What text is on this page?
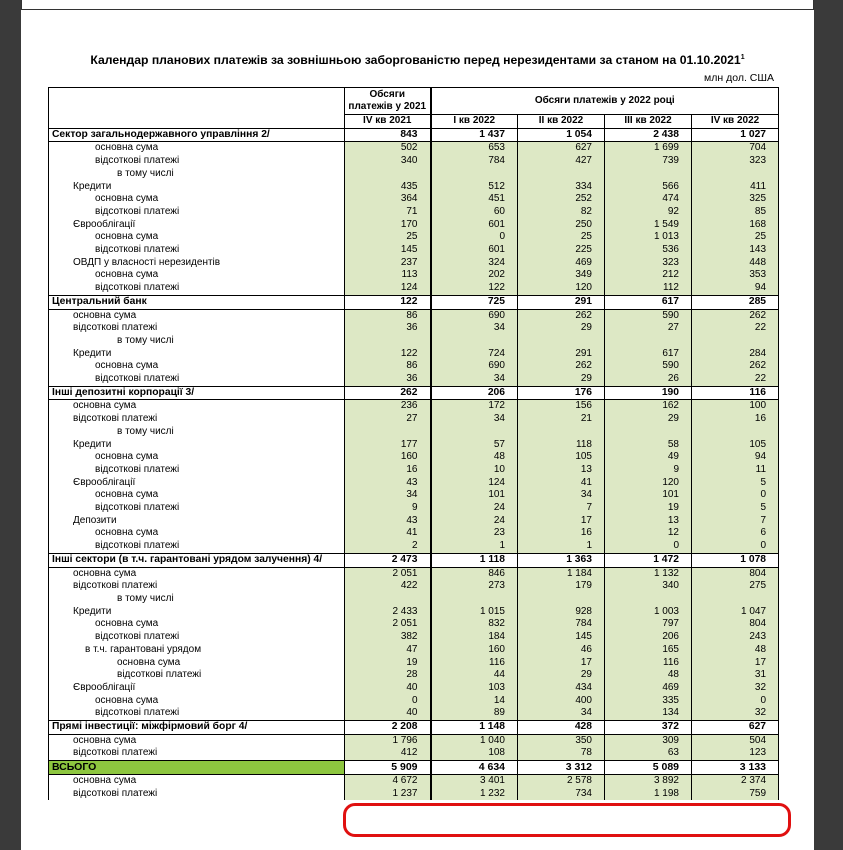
Календар планових платежів за зовнішньою заборгованістю перед нерезидентами за станом на 01.10.2021$^1$
млн дол. США

	Обсяги
платежів у 2021	Обсяги платежів у 2022 році			
	IV кв 2021	I кв 2022	II кв 2022	III кв 2022	IV кв 2022
Сектор загальнодержавного управління 2/	843	1 437	1 054	2 438	1 027
основна сума	502	653	627	1 699	704
відсоткові платежі	340	784	427	739	323
в тому числі					
Кредити	435	512	334	566	411
основна сума	364	451	252	474	325
відсоткові платежі	71	60	82	92	85
Єврооблігації	170	601	250	1 549	168
основна сума	25	0	25	1 013	25
відсоткові платежі	145	601	225	536	143
ОВДП у власності нерезидентів	237	324	469	323	448
основна сума	113	202	349	212	353
відсоткові платежі	124	122	120	112	94
Центральний банк	122	725	291	617	285
основна сума	86	690	262	590	262
відсоткові платежі	36	34	29	27	22
в тому числі					
Кредити	122	724	291	617	284
основна сума	86	690	262	590	262
відсоткові платежі	36	34	29	26	22
Інші депозитні корпорації 3/	262	206	176	190	116
основна сума	236	172	156	162	100
відсоткові платежі	27	34	21	29	16
в тому числі					
Кредити	177	57	118	58	105
основна сума	160	48	105	49	94
відсоткові платежі	16	10	13	9	11
Єврооблігації	43	124	41	120	5
основна сума	34	101	34	101	0
відсоткові платежі	9	24	7	19	5
Депозити	43	24	17	13	7
основна сума	41	23	16	12	6
відсоткові платежі	2	1	1	0	0
Інші сектори (в т.ч. гарантовані урядом залучення) 4/	2 473	1 118	1 363	1 472	1 078
основна сума	2 051	846	1 184	1 132	804
відсоткові платежі	422	273	179	340	275
в тому числі					
Кредити	2 433	1 015	928	1 003	1 047
основна сума	2 051	832	784	797	804
відсоткові платежі	382	184	145	206	243
в т.ч. гарантовані урядом	47	160	46	165	48
основна сума	19	116	17	116	17
відсоткові платежі	28	44	29	48	31
Єврооблігації	40	103	434	469	32
основна сума	0	14	400	335	0
відсоткові платежі	40	89	34	134	32
Прямі інвестиції: міжфірмовий борг 4/	2 208	1 148	428	372	627
основна сума	1 796	1 040	350	309	504
відсоткові платежі	412	108	78	63	123
ВСЬОГО	5 909	4 634	3 312	5 089	3 133
основна сума	4 672	3 401	2 578	3 892	2 374
відсоткові платежі	1 237	1 232	734	1 198	759
